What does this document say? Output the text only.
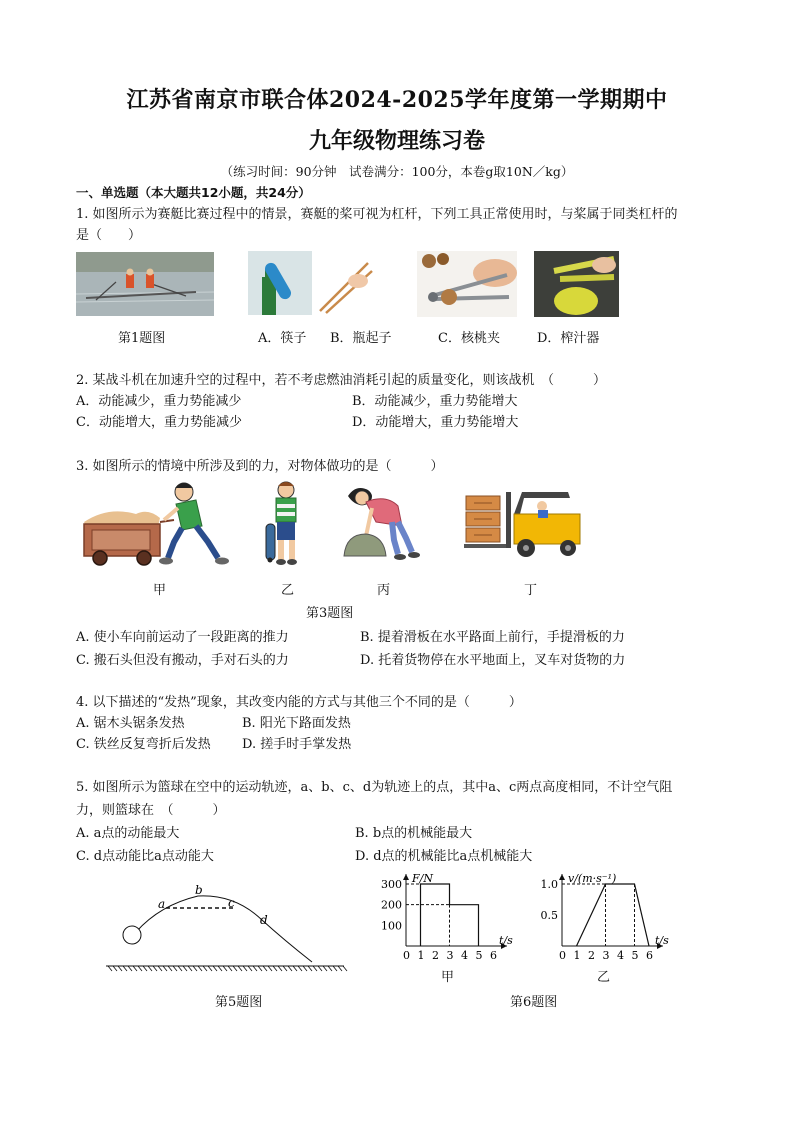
江苏省南京市联合体2024-2025学年度第一学期期中
九年级物理练习卷
（练习时间：90分钟　试卷满分：100分，本卷g取10N／kg）
一、单选题（本大题共12小题，共24分）
1. 如图所示为赛艇比赛过程中的情景，赛艇的桨可视为杠杆，下列工具正常使用时，与桨属于同类杠杆的
是（　　）
第1题图	A．筷子 B．瓶起子	C．核桃夹	D．榨汁器
2. 某战斗机在加速升空的过程中，若不考虑燃油消耗引起的质量变化，则该战机　（　　　）
A．动能减少，重力势能减少	B．动能减少，重力势能增大
C．动能增大，重力势能减少	D．动能增大，重力势能增大
3. 如图所示的情境中所涉及到的力，对物体做功的是（　　　）
甲	乙	丙	丁
第3题图
A. 使小车向前运动了一段距离的推力	B. 提着滑板在水平路面上前行，手提滑板的力
C. 搬石头但没有搬动，手对石头的力	D. 托着货物停在水平地面上，叉车对货物的力
4. 以下描述的“发热”现象，其改变内能的方式与其他三个不同的是（　　　）
A. 锯木头锯条发热	B. 阳光下路面发热
C. 铁丝反复弯折后发热 D. 搓手时手掌发热
5. 如图所示为篮球在空中的运动轨迹，a、b、c、d为轨迹上的点，其中a、c两点高度相同，不计空气阻
力，则篮球在　（　　　）
A. a点的动能最大	B. b点的机械能最大
C. d点动能比a点动能大	D. d点的机械能比a点机械能大
a
b
c
d
F/N
t/s
0 1 2 3 4 5 6
100
200
300	v/(m·s⁻¹)
t/s
0 1 2 3 4 5 6
0.5
1.0
甲	乙
第5题图	第6题图
